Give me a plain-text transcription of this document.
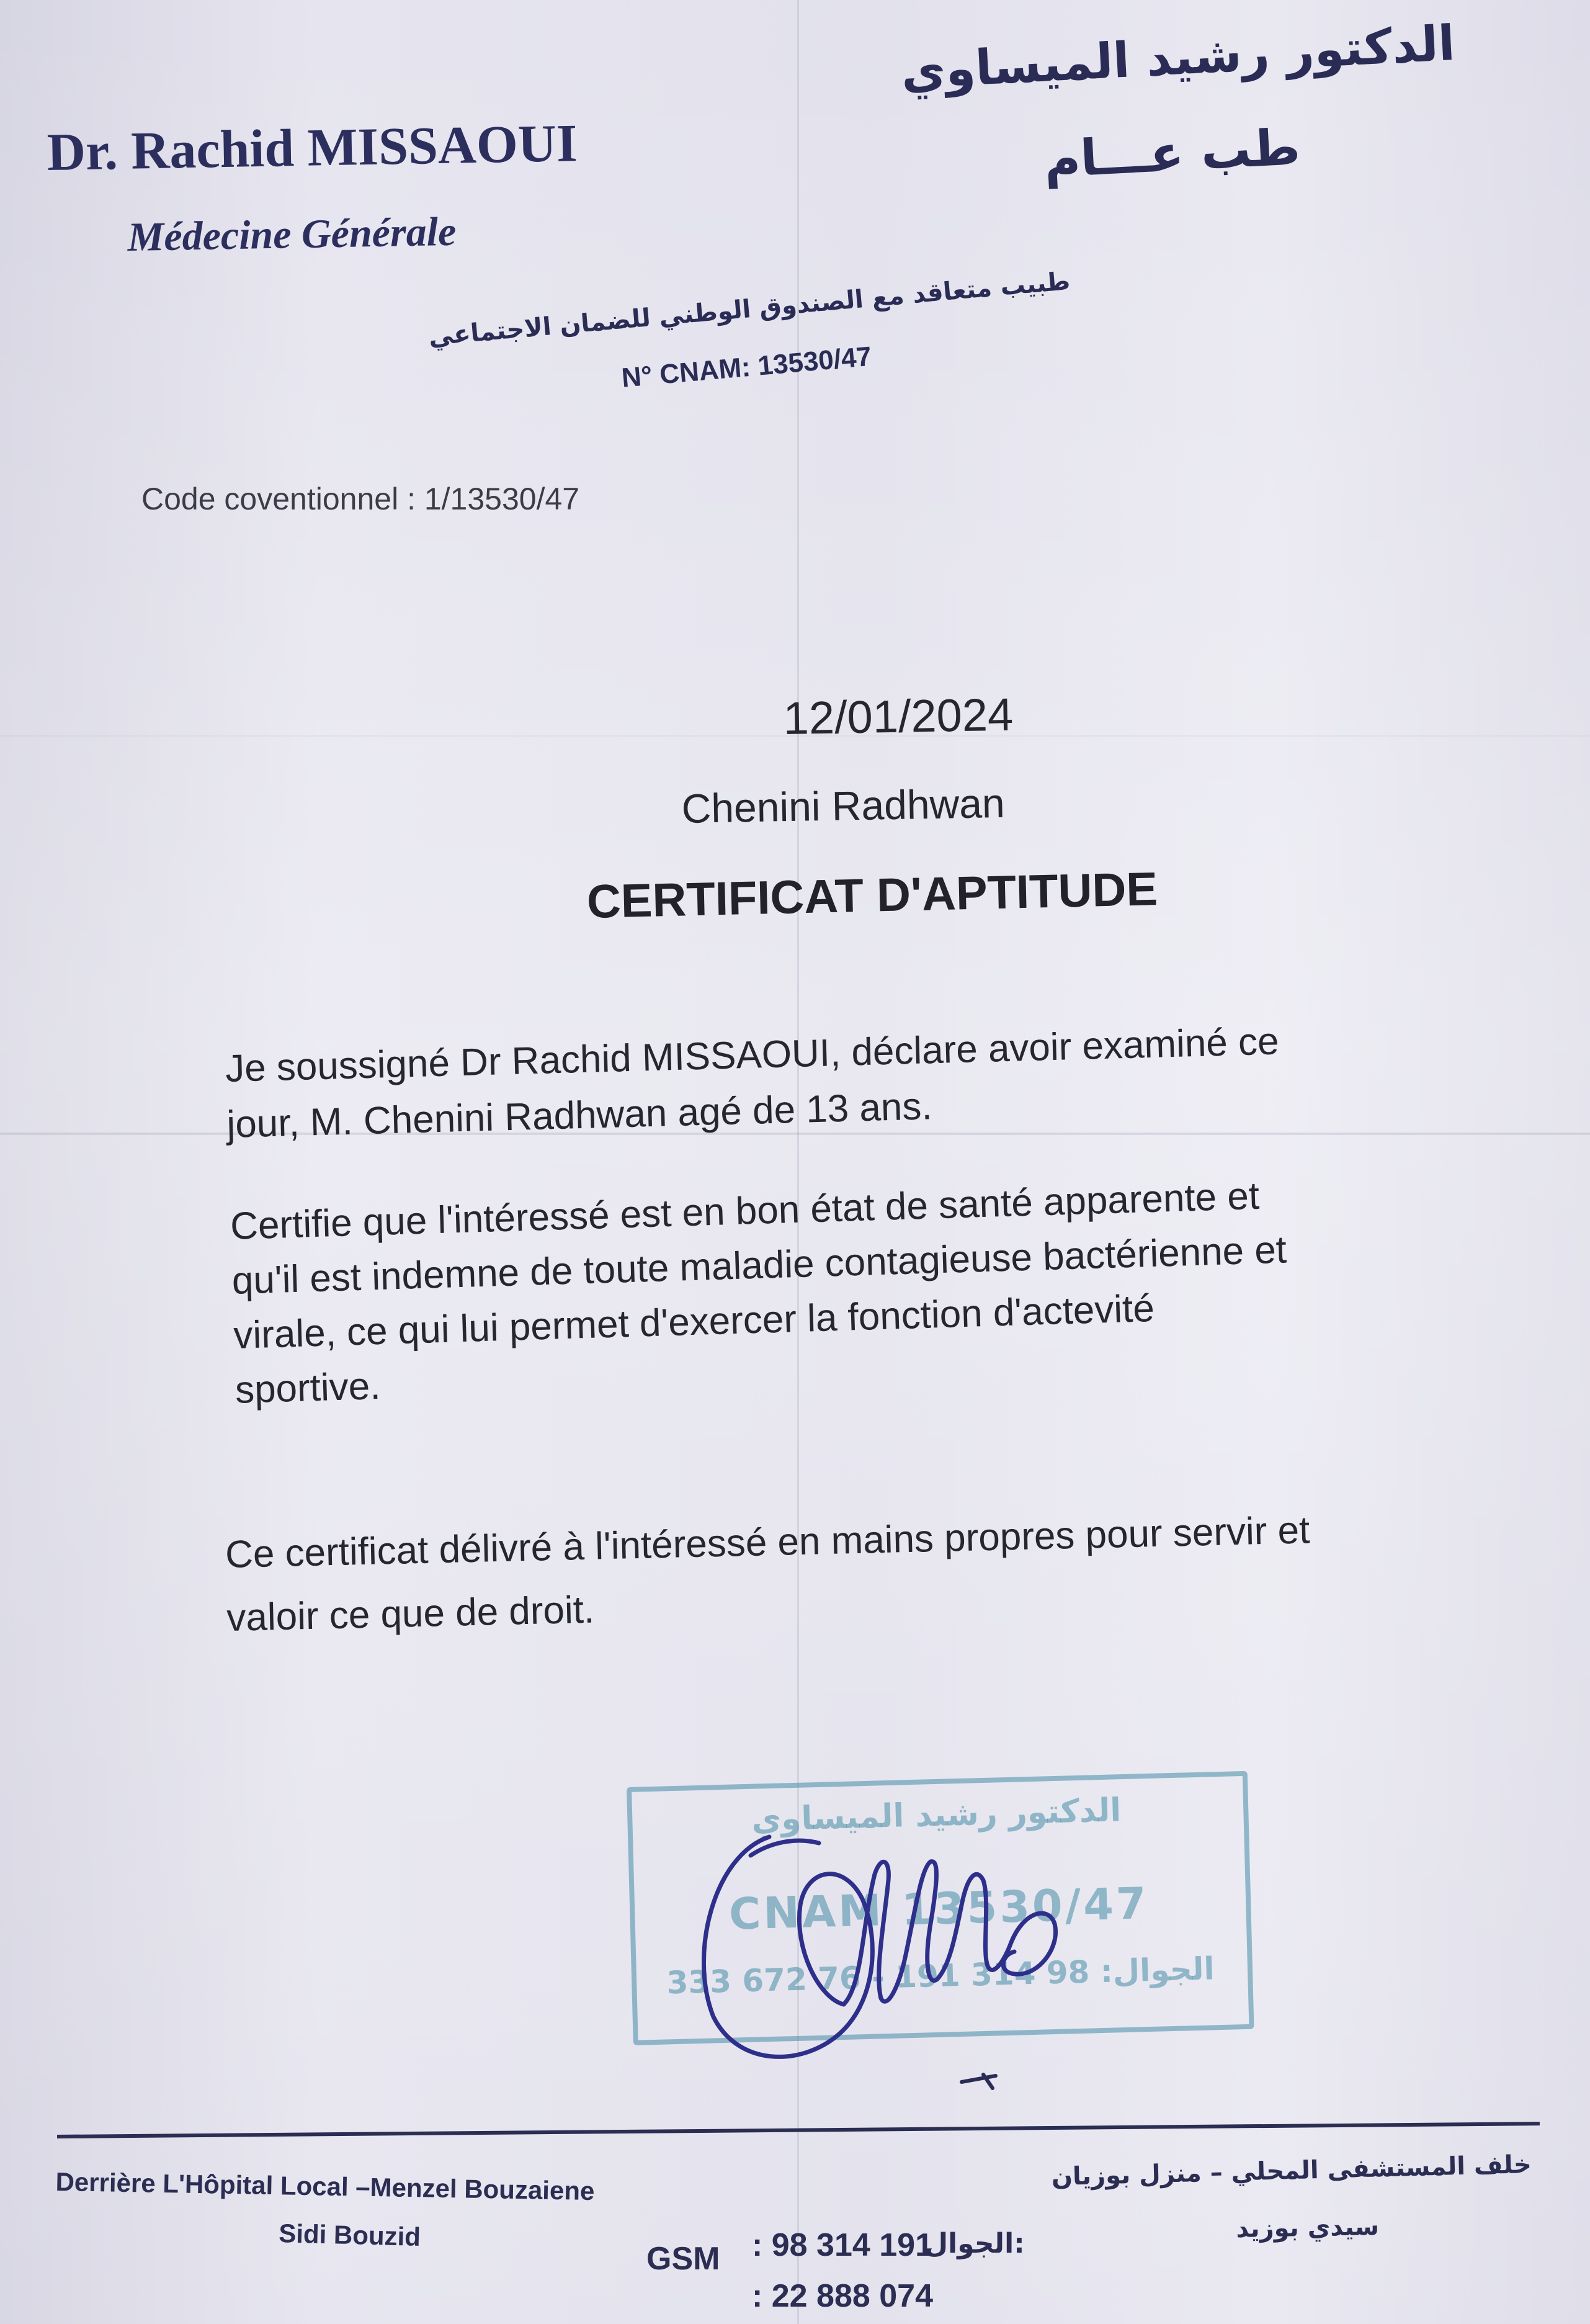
Dr. Rachid MISSAOUI
Médecine Générale
الدكتور رشيد الميساوي
طب عـــام
طبيب متعاقد مع الصندوق الوطني للضمان الاجتماعي
N° CNAM: 13530/47
Code coventionnel : 1/13530/47
12/01/2024
Chenini Radhwan
CERTIFICAT D'APTITUDE
Je soussigné Dr Rachid MISSAOUI, déclare avoir examiné ce
jour, M. Chenini Radhwan agé de 13 ans.
Certifie que l'intéressé est en bon état de santé apparente et
qu'il est indemne de toute maladie contagieuse bactérienne et
virale, ce qui lui permet d'exercer la fonction d'actevité
sportive.
Ce certificat délivré à l'intéressé en mains propres pour servir et
valoir ce que de droit.
الدكتور رشيد الميساوي
CNAM 13530/47
الجوال: 98 314 191 - 76 672 333
Derrière L'Hôpital Local –Menzel Bouzaiene
Sidi Bouzid
خلف المستشفى المحلي – منزل بوزيان
سيدي بوزيد
GSM : 98 314 191
الجوال:
: 22 888 074
